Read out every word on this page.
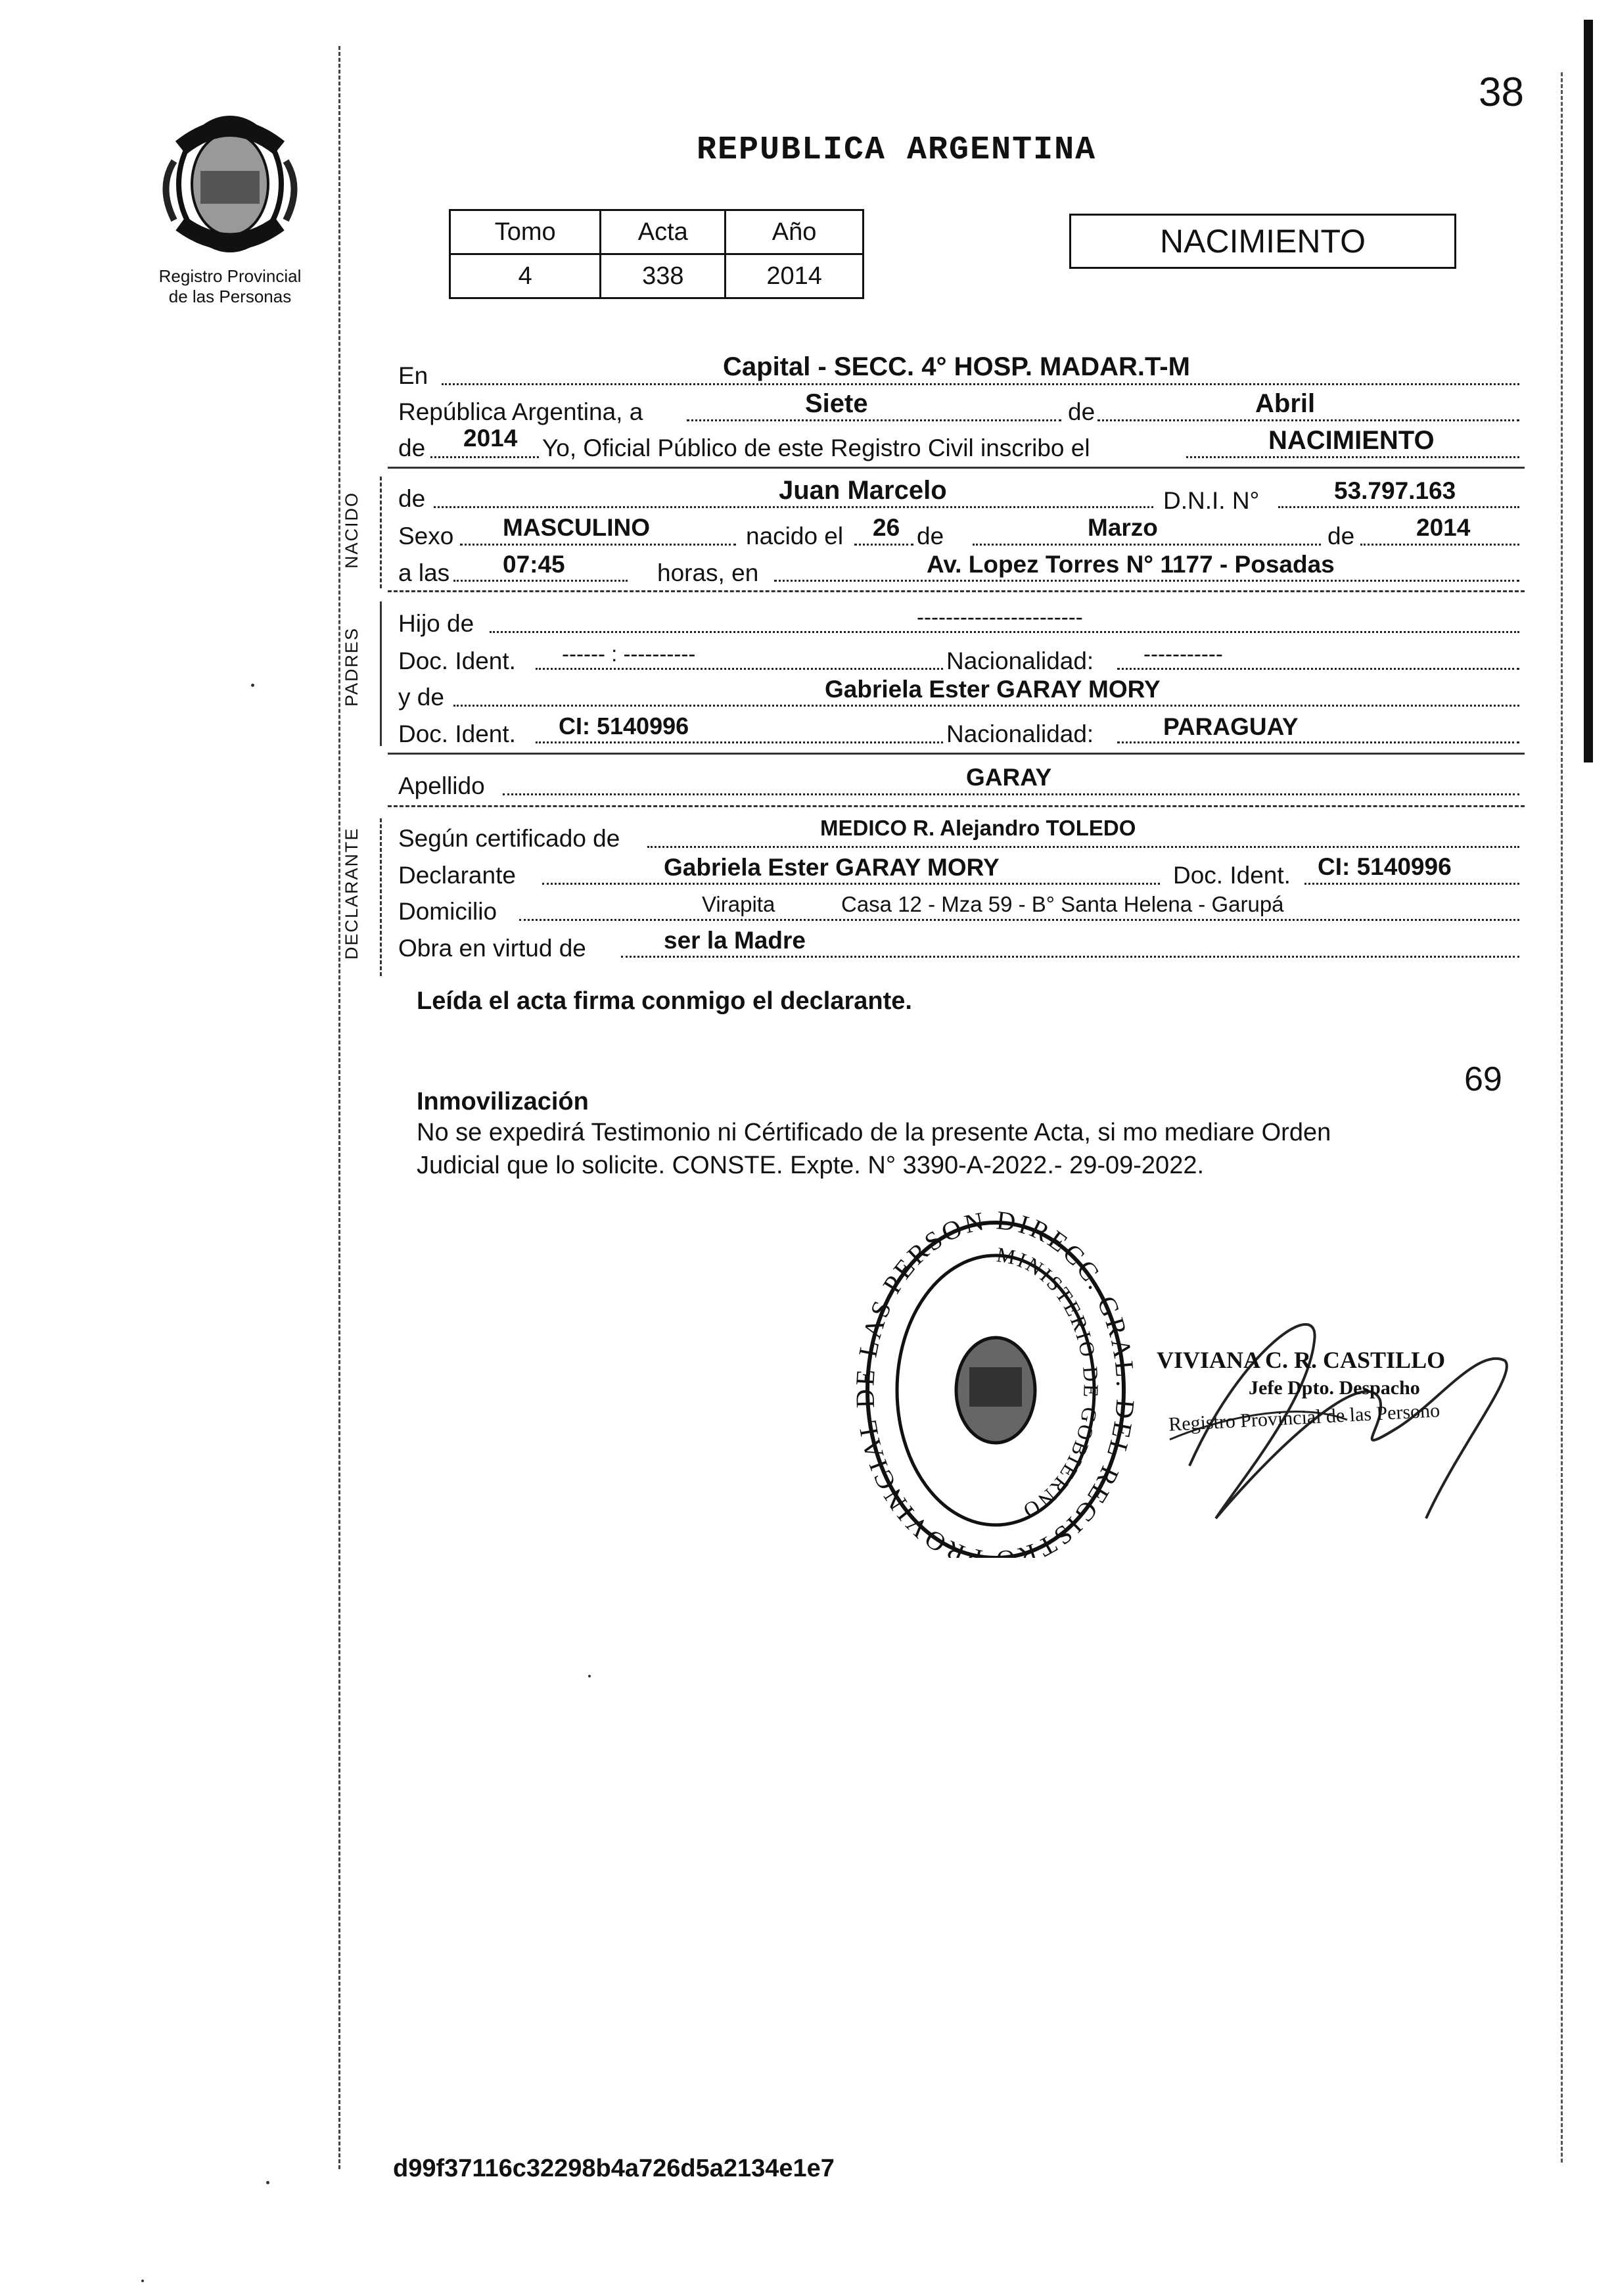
38
Registro Provincial
de las Personas
REPUBLICA ARGENTINA
Tomo	Acta	Año
4	338	2014
NACIMIENTO
En	Capital - SECC. 4° HOSP. MADAR.T-M
República Argentina, a	Siete	de	Abril
de 2014 Yo, Oficial Público de este Registro Civil inscribo el	NACIMIENTO
NACIDO de	Juan Marcelo	D.N.I. N°	53.797.163
Sexo MASCULINO	nacido el 26 de	Marzo	de	2014
a las 07:45	horas, en	Av. Lopez Torres N° 1177 - Posadas
PADRES
Hijo de	-----------------------
Doc. Ident. ------ : ----------	Nacionalidad: -----------
y de	Gabriela Ester GARAY MORY
Doc. Ident. CI: 5140996	Nacionalidad:	PARAGUAY
Apellido	GARAY
DECLARANTE Según certificado de	MEDICO R. Alejandro TOLEDO
Declarante	Gabriela Ester GARAY MORY	Doc. Ident. CI: 5140996
Domicilio	Virapita	Casa 12 - Mza 59 - B° Santa Helena - Garupá
Obra en virtud de	ser la Madre
Leída el acta firma conmigo el declarante.
69
Inmovilización
No se expedirá Testimonio ni Cértificado de la presente Acta, si mo mediare Orden
Judicial que lo solicite. CONSTE. Expte. N° 3390-A-2022.- 29-09-2022.
DIRECC. GRA EL REGISTR PROVINCIAL LAS PERSON
MINISTERIO DE GOBIERNO
VIVIANA C. R. CASTILLO
Jefe Dpto. Despacho
Registro Provincial de las Persono
d99f37116c32298b4a726d5a2134e1e7
